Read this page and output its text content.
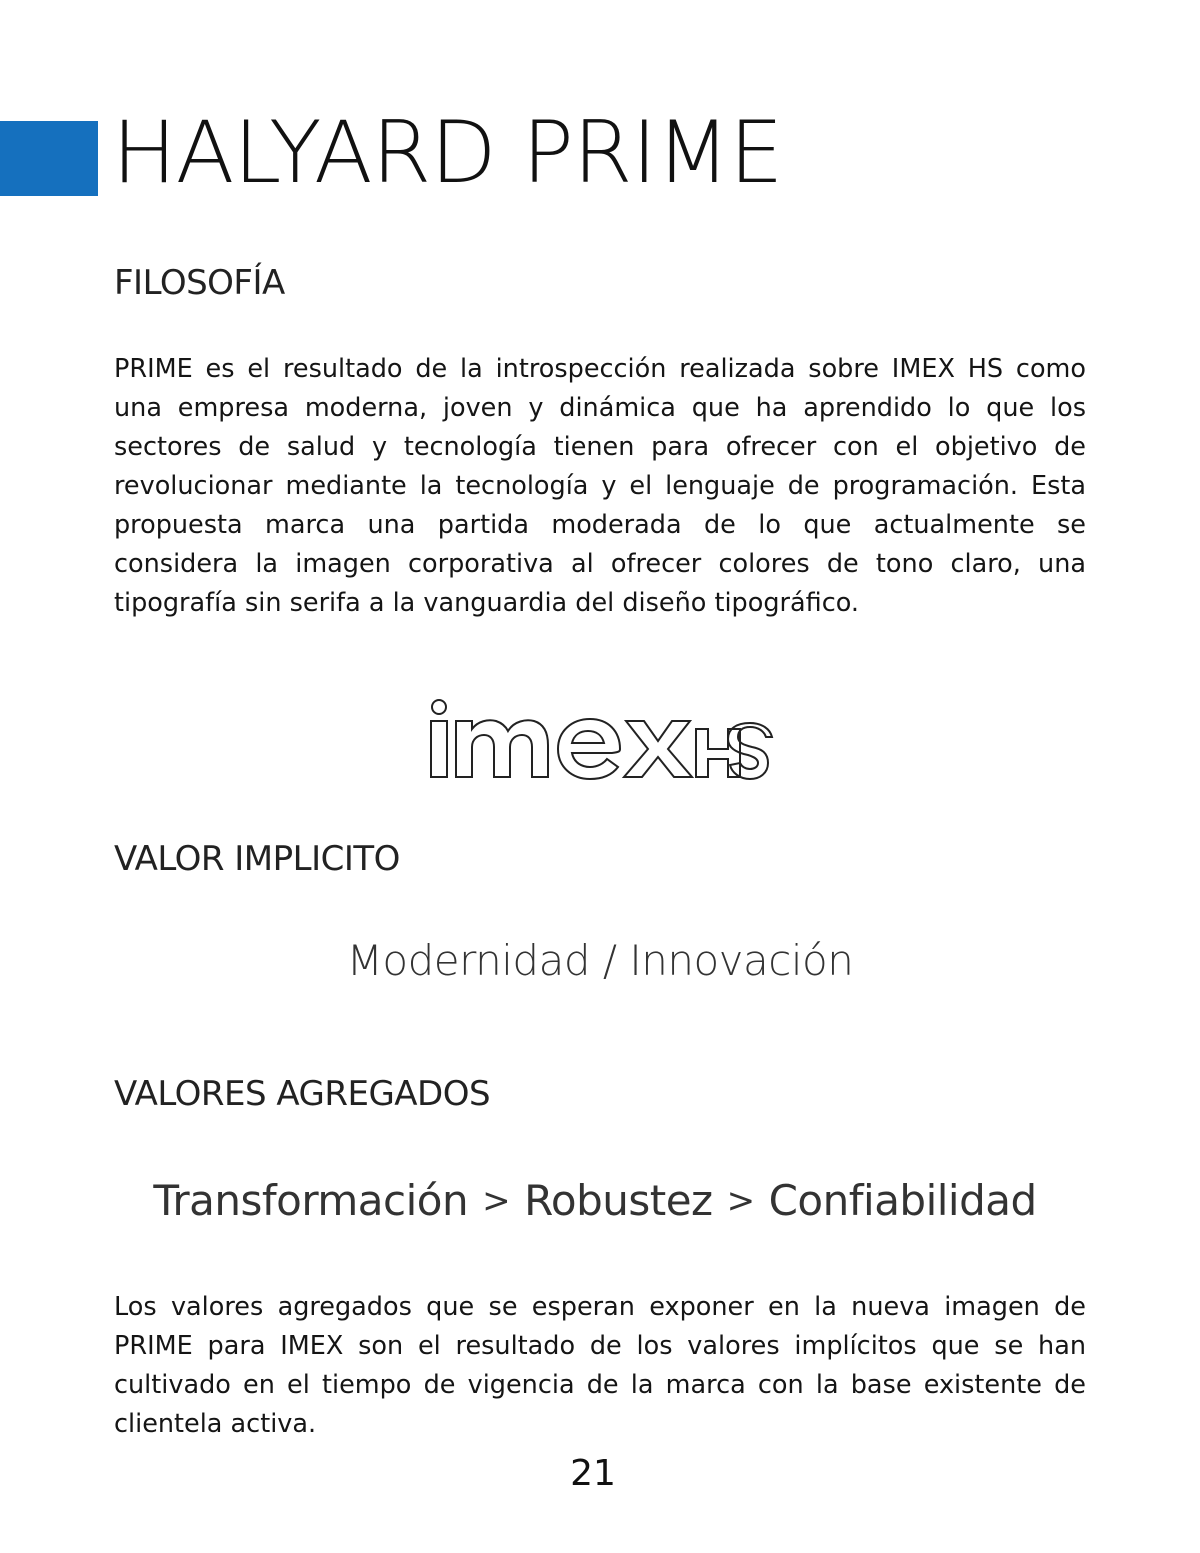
HALYARD PRIME
FILOSOFÍA

PRIME es el resultado de la introspección realizada sobre IMEX HS como una empresa moderna, joven y dinámica que ha aprendido lo que los sectores de salud y tecnología tienen para ofrecer con el objetivo de revolucionar mediante la tecnología y el lenguaje de programación. Esta propuesta marca una partida moderada de lo que actualmente se considera la imagen corporativa al ofrecer colores de tono claro, una tipografía sin serifa a la vanguardia del diseño tipográfico.

VALOR IMPLICITO

Modernidad / Innovación

VALORES AGREGADOS
Transformación > Robustez > Confiabilidad

Los valores agregados que se esperan exponer en la nueva imagen de PRIME para IMEX son el resultado de los valores implícitos que se han cultivado en el tiempo de vigencia de la marca con la base existente de clientela activa.

21
